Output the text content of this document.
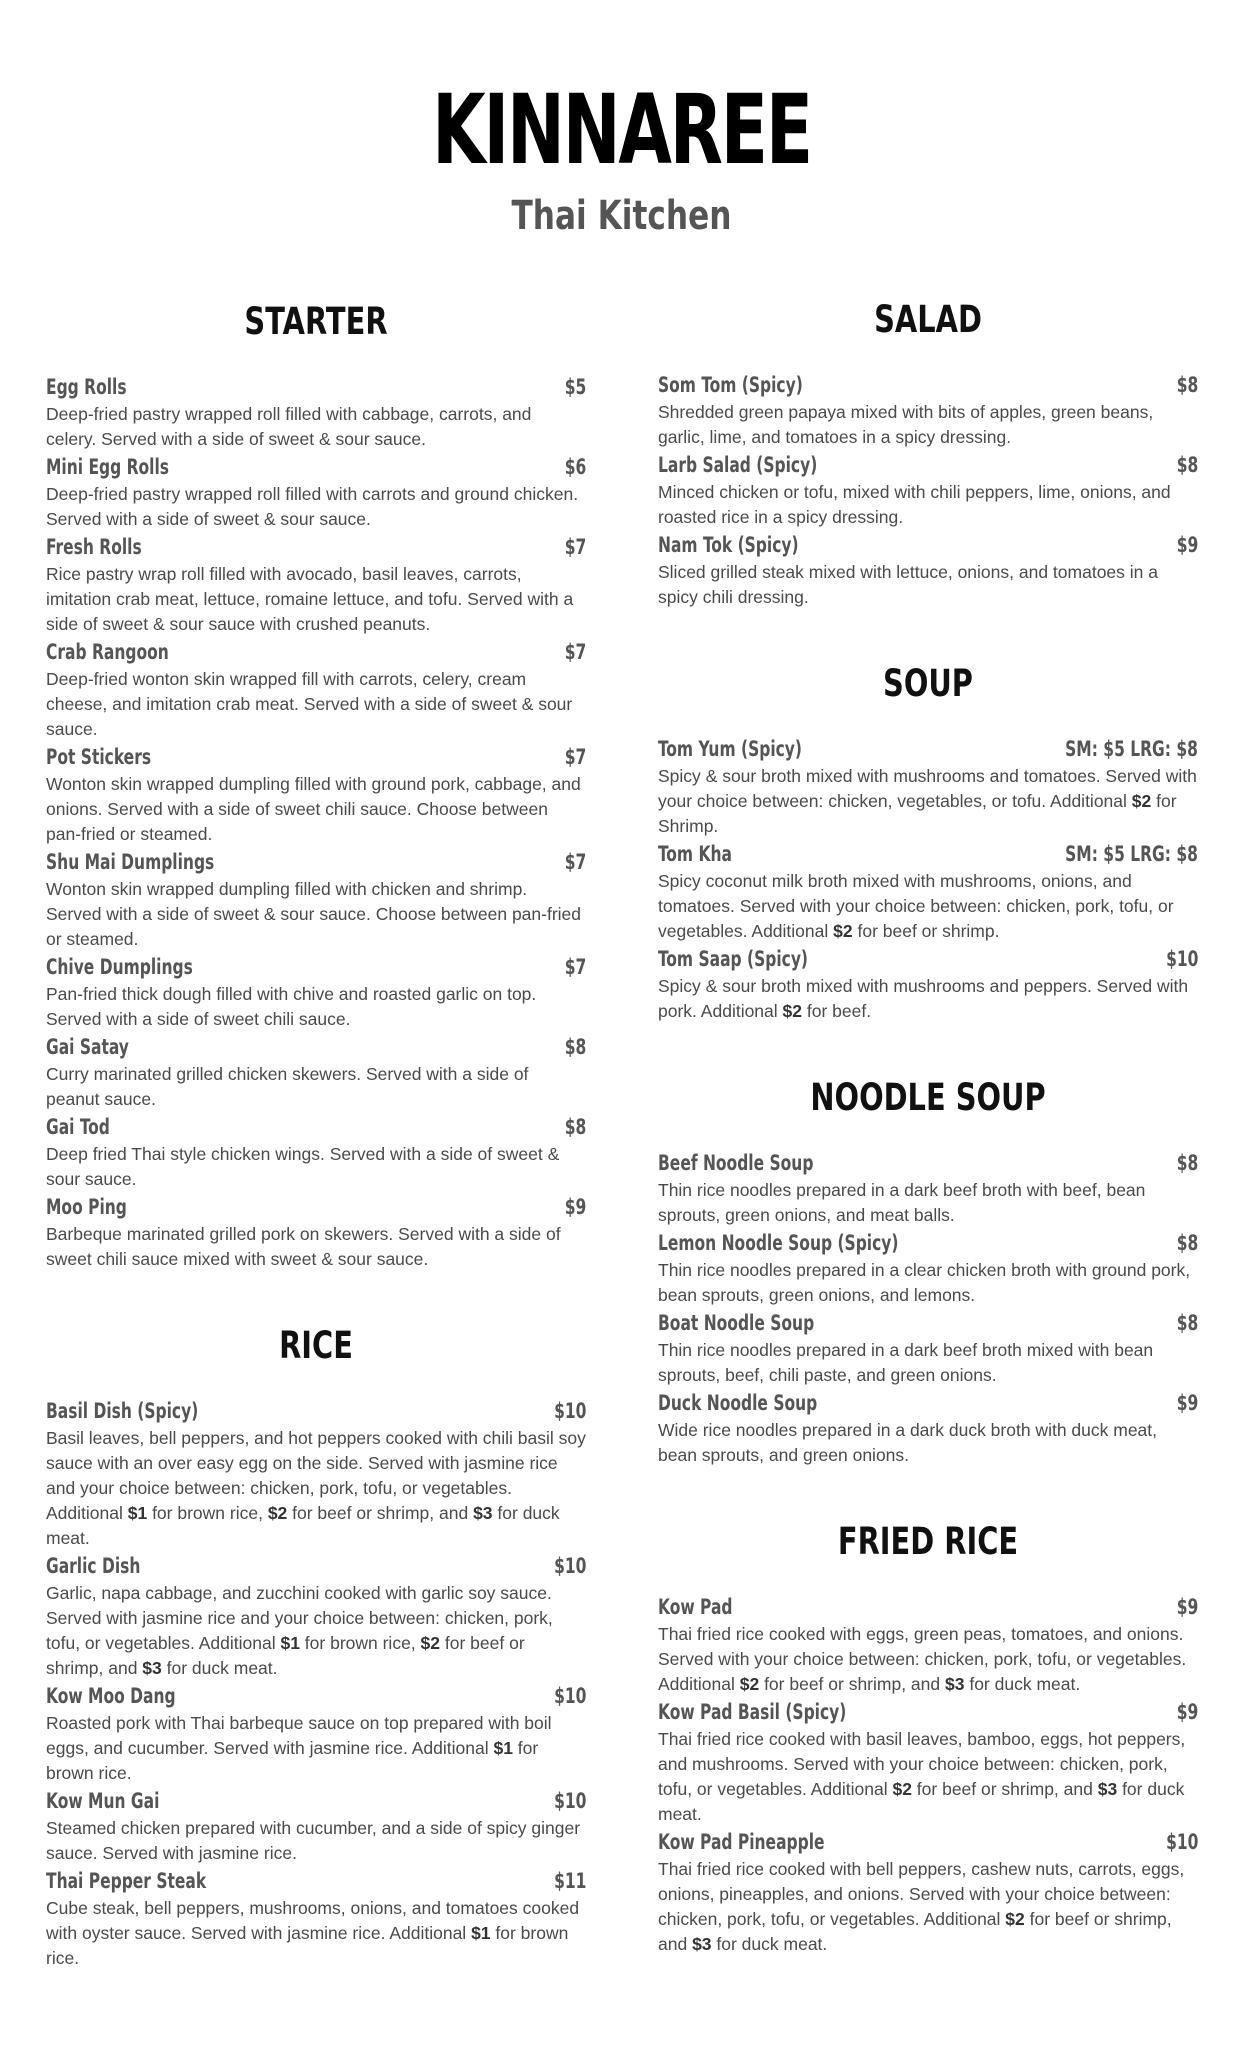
KINNAREE
Thai Kitchen
STARTER
Egg Rolls	$5

Deep-fried pastry wrapped roll filled with cabbage, carrots, and celery. Served with a side of sweet & sour sauce.

Mini Egg Rolls	$6

Deep-fried pastry wrapped roll filled with carrots and ground chicken. Served with a side of sweet & sour sauce.

Fresh Rolls	$7

Rice pastry wrap roll filled with avocado, basil leaves, carrots, imitation crab meat, lettuce, romaine lettuce, and tofu. Served with a side of sweet & sour sauce with crushed peanuts.

Crab Rangoon	$7

Deep-fried wonton skin wrapped fill with carrots, celery, cream cheese, and imitation crab meat. Served with a side of sweet & sour sauce.

Pot Stickers	$7

Wonton skin wrapped dumpling filled with ground pork, cabbage, and onions. Served with a side of sweet chili sauce. Choose between pan-fried or steamed.

Shu Mai Dumplings	$7

Wonton skin wrapped dumpling filled with chicken and shrimp. Served with a side of sweet & sour sauce. Choose between pan-fried or steamed.

Chive Dumplings	$7

Pan-fried thick dough filled with chive and roasted garlic on top. Served with a side of sweet chili sauce.

Gai Satay	$8

Curry marinated grilled chicken skewers. Served with a side of peanut sauce.

Gai Tod	$8

Deep fried Thai style chicken wings. Served with a side of sweet & sour sauce.

Moo Ping	$9

Barbeque marinated grilled pork on skewers. Served with a side of sweet chili sauce mixed with sweet & sour sauce.

RICE
Basil Dish (Spicy)	$10

Basil leaves, bell peppers, and hot peppers cooked with chili basil soy sauce with an over easy egg on the side. Served with jasmine rice and your choice between: chicken, pork, tofu, or vegetables. Additional $1 for brown rice, $2 for beef or shrimp, and $3 for duck meat.

Garlic Dish	$10

Garlic, napa cabbage, and zucchini cooked with garlic soy sauce. Served with jasmine rice and your choice between: chicken, pork, tofu, or vegetables. Additional $1 for brown rice, $2 for beef or shrimp, and $3 for duck meat.

Kow Moo Dang	$10

Roasted pork with Thai barbeque sauce on top prepared with boil eggs, and cucumber. Served with jasmine rice. Additional $1 for brown rice.

Kow Mun Gai	$10

Steamed chicken prepared with cucumber, and a side of spicy ginger sauce. Served with jasmine rice.

Thai Pepper Steak	$11

Cube steak, bell peppers, mushrooms, onions, and tomatoes cooked with oyster sauce. Served with jasmine rice. Additional $1 for brown rice.

SALAD
Som Tom (Spicy)	$8

Shredded green papaya mixed with bits of apples, green beans, garlic, lime, and tomatoes in a spicy dressing.

Larb Salad (Spicy)	$8

Minced chicken or tofu, mixed with chili peppers, lime, onions, and roasted rice in a spicy dressing.

Nam Tok (Spicy)	$9

Sliced grilled steak mixed with lettuce, onions, and tomatoes in a spicy chili dressing.

SOUP
Tom Yum (Spicy)	SM: $5 LRG: $8

Spicy & sour broth mixed with mushrooms and tomatoes. Served with your choice between: chicken, vegetables, or tofu. Additional $2 for Shrimp.

Tom Kha	SM: $5 LRG: $8

Spicy coconut milk broth mixed with mushrooms, onions, and tomatoes. Served with your choice between: chicken, pork, tofu, or vegetables. Additional $2 for beef or shrimp.

Tom Saap (Spicy)	$10

Spicy & sour broth mixed with mushrooms and peppers. Served with pork. Additional $2 for beef.

NOODLE SOUP
Beef Noodle Soup	$8

Thin rice noodles prepared in a dark beef broth with beef, bean sprouts, green onions, and meat balls.

Lemon Noodle Soup (Spicy)	$8

Thin rice noodles prepared in a clear chicken broth with ground pork, bean sprouts, green onions, and lemons.

Boat Noodle Soup	$8

Thin rice noodles prepared in a dark beef broth mixed with bean sprouts, beef, chili paste, and green onions.

Duck Noodle Soup	$9

Wide rice noodles prepared in a dark duck broth with duck meat, bean sprouts, and green onions.

FRIED RICE
Kow Pad	$9

Thai fried rice cooked with eggs, green peas, tomatoes, and onions. Served with your choice between: chicken, pork, tofu, or vegetables. Additional $2 for beef or shrimp, and $3 for duck meat.

Kow Pad Basil (Spicy)	$9

Thai fried rice cooked with basil leaves, bamboo, eggs, hot peppers, and mushrooms. Served with your choice between: chicken, pork, tofu, or vegetables. Additional $2 for beef or shrimp, and $3 for duck meat.

Kow Pad Pineapple	$10

Thai fried rice cooked with bell peppers, cashew nuts, carrots, eggs, onions, pineapples, and onions. Served with your choice between: chicken, pork, tofu, or vegetables. Additional $2 for beef or shrimp, and $3 for duck meat.
